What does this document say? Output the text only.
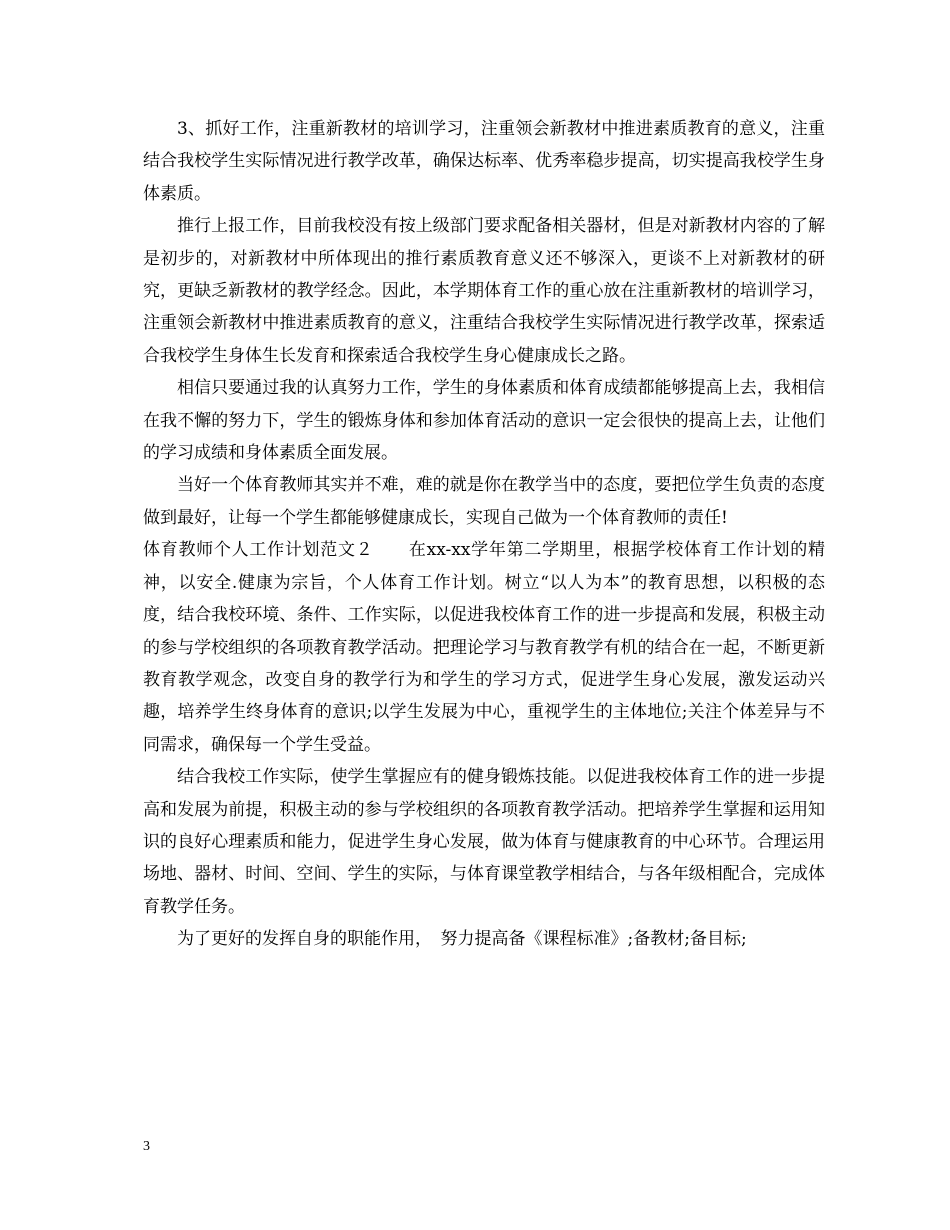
3、抓好工作，注重新教材的培训学习，注重领会新教材中推进素质教育的意义，注重结合我校学生实际情况进行教学改革，确保达标率、优秀率稳步提高，切实提高我校学生身体素质。

推行上报工作，目前我校没有按上级部门要求配备相关器材，但是对新教材内容的了解是初步的，对新教材中所体现出的推行素质教育意义还不够深入，更谈不上对新教材的研究，更缺乏新教材的教学经念。因此，本学期体育工作的重心放在注重新教材的培训学习，注重领会新教材中推进素质教育的意义，注重结合我校学生实际情况进行教学改革，探索适合我校学生身体生长发育和探索适合我校学生身心健康成长之路。

相信只要通过我的认真努力工作，学生的身体素质和体育成绩都能够提高上去，我相信在我不懈的努力下，学生的锻炼身体和参加体育活动的意识一定会很快的提高上去，让他们的学习成绩和身体素质全面发展。

当好一个体育教师其实并不难，难的就是你在教学当中的态度，要把位学生负责的态度做到最好，让每一个学生都能够健康成长，实现自己做为一个体育教师的责任!

体育教师个人工作计划范文２　　在xx-xx学年第二学期里，根据学校体育工作计划的精神，以安全.健康为宗旨，个人体育工作计划。树立“以人为本”的教育思想，以积极的态度，结合我校环境、条件、工作实际，以促进我校体育工作的进一步提高和发展，积极主动的参与学校组织的各项教育教学活动。把理论学习与教育教学有机的结合在一起，不断更新教育教学观念，改变自身的教学行为和学生的学习方式，促进学生身心发展，激发运动兴趣，培养学生终身体育的意识;以学生发展为中心，重视学生的主体地位;关注个体差异与不同需求，确保每一个学生受益。

结合我校工作实际，使学生掌握应有的健身锻炼技能。以促进我校体育工作的进一步提高和发展为前提，积极主动的参与学校组织的各项教育教学活动。把培养学生掌握和运用知识的良好心理素质和能力，促进学生身心发展，做为体育与健康教育的中心环节。合理运用场地、器材、时间、空间、学生的实际，与体育课堂教学相结合，与各年级相配合，完成体育教学任务。

为了更好的发挥自身的职能作用，　努力提高备《课程标准》;备教材;备目标;

3
